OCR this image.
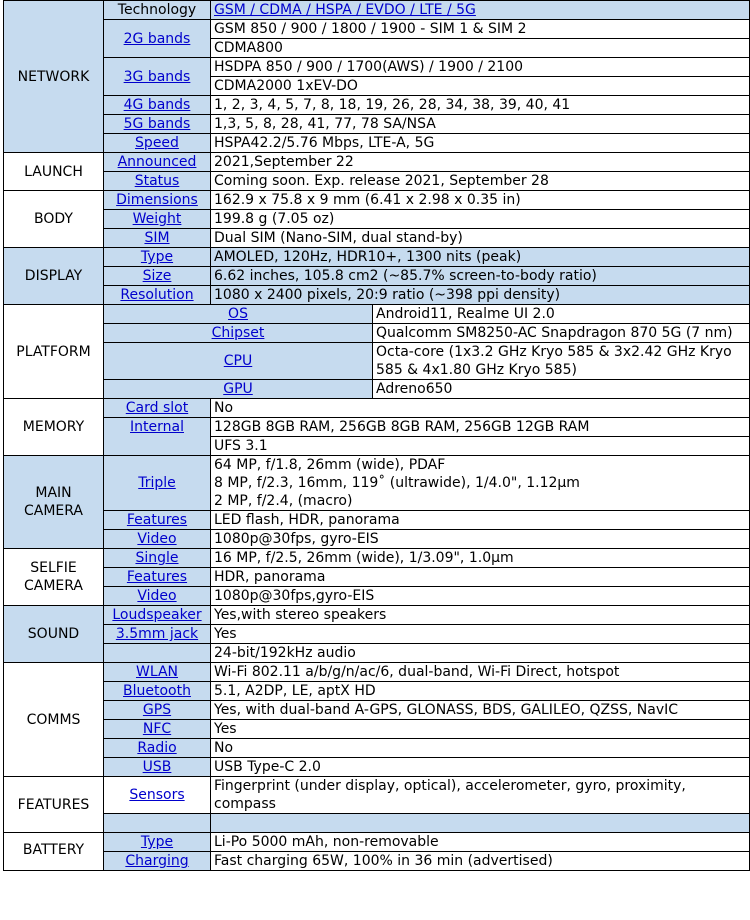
NETWORK	Technology	GSM / CDMA / HSPA / EVDO / LTE / 5G	
	2G bands	GSM 850 / 900 / 1800 / 1900 - SIM 1 & SIM 2	
		CDMA800	
	3G bands	HSDPA 850 / 900 / 1700(AWS) / 1900 / 2100	
		CDMA2000 1xEV-DO	
	4G bands	1, 2, 3, 4, 5, 7, 8, 18, 19, 26, 28, 34, 38, 39, 40, 41	
	5G bands	1,3, 5, 8, 28, 41, 77, 78 SA/NSA	
	Speed	HSPA42.2/5.76 Mbps, LTE-A, 5G	
LAUNCH	Announced	2021,September 22	
	Status	Coming soon. Exp. release 2021, September 28	
BODY	Dimensions	162.9 x 75.8 x 9 mm (6.41 x 2.98 x 0.35 in)	
	Weight	199.8 g (7.05 oz)	
	SIM	Dual SIM (Nano-SIM, dual stand-by)	
DISPLAY	Type	AMOLED, 120Hz, HDR10+, 1300 nits (peak)	
	Size	6.62 inches, 105.8 cm2 (~85.7% screen-to-body ratio)	
	Resolution	1080 x 2400 pixels, 20:9 ratio (~398 ppi density)	
PLATFORM	OS		Android11, Realme UI 2.0
	Chipset		Qualcomm SM8250-AC Snapdragon 870 5G (7 nm)
	CPU		Octa-core (1x3.2 GHz Kryo 585 & 3x2.42 GHz Kryo 585 & 4x1.80 GHz Kryo 585)
	GPU		Adreno650
MEMORY	Card slot	No	
	Internal	128GB 8GB RAM, 256GB 8GB RAM, 256GB 12GB RAM	
		UFS 3.1	
MAIN
CAMERA	Triple	64 MP, f/1.8, 26mm (wide), PDAF
8 MP, f/2.3, 16mm, 119˚ (ultrawide), 1/4.0", 1.12µm
2 MP, f/2.4, (macro)	
	Features	LED flash, HDR, panorama	
	Video	1080p@30fps, gyro-EIS	
SELFIE
CAMERA	Single	16 MP, f/2.5, 26mm (wide), 1/3.09", 1.0µm	
	Features	HDR, panorama	
	Video	1080p@30fps,gyro-EIS	
SOUND	Loudspeaker	Yes,with stereo speakers	
	3.5mm jack	Yes	
		24-bit/192kHz audio	
COMMS	WLAN	Wi-Fi 802.11 a/b/g/n/ac/6, dual-band, Wi-Fi Direct, hotspot	
	Bluetooth	5.1, A2DP, LE, aptX HD	
	GPS	Yes, with dual-band A-GPS, GLONASS, BDS, GALILEO, QZSS, NavIC	
	NFC	Yes	
	Radio	No	
	USB	USB Type-C 2.0	
FEATURES	Sensors	Fingerprint (under display, optical), accelerometer, gyro, proximity, compass	

BATTERY	Type	Li-Po 5000 mAh, non-removable	
	Charging	Fast charging 65W, 100% in 36 min (advertised)	
